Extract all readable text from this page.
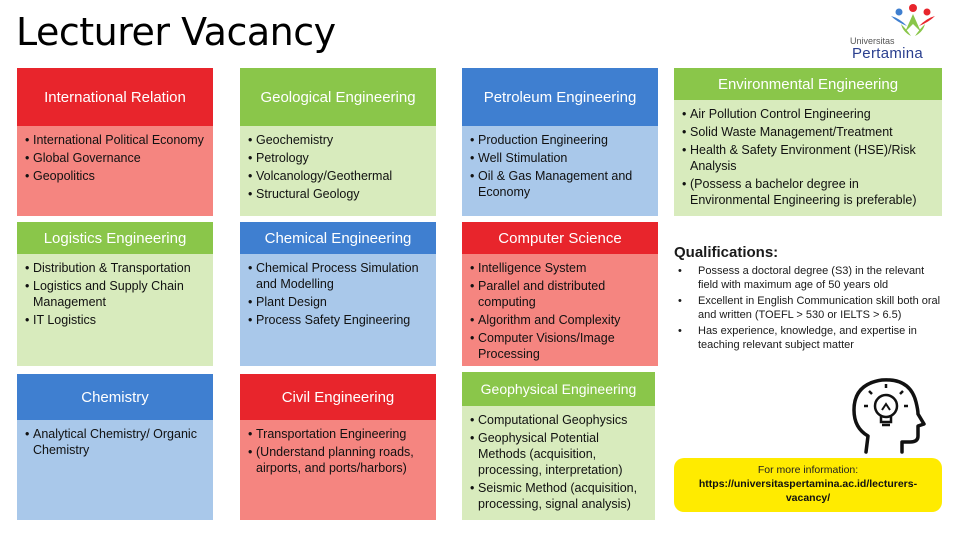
Lecturer Vacancy	Universitas
Pertamina
International Relation
• International Political Economy
• Global Governance
• Geopolitics
Geological Engineering
• Geochemistry
• Petrology
• Volcanology/Geothermal
• Structural Geology
Petroleum Engineering
• Production Engineering
• Well Stimulation
• Oil & Gas Management and Economy
Environmental Engineering
• Air Pollution Control Engineering
• Solid Waste Management/Treatment
• Health & Safety Environment (HSE)/Risk Analysis
• (Possess a bachelor degree in Environmental Engineering is preferable)
Logistics Engineering
• Distribution & Transportation
• Logistics and Supply Chain Management
• IT Logistics
Chemical Engineering
• Chemical Process Simulation and Modelling
• Plant Design
• Process Safety Engineering
Computer Science
• Intelligence System
• Parallel and distributed computing
• Algorithm and Complexity
• Computer Visions/Image Processing
Chemistry
• Analytical Chemistry/ Organic Chemistry
Civil Engineering
• Transportation Engineering
• (Understand planning roads, airports, and ports/harbors)
Geophysical Engineering
• Computational Geophysics
• Geophysical Potential Methods (acquisition, processing, interpretation)
• Seismic Method (acquisition, processing, signal analysis)
Qualifications:
• Possess a doctoral degree (S3) in the relevant field with maximum age of 50 years old
• Excellent in English Communication skill both oral and written (TOEFL > 530 or IELTS > 6.5)
• Has experience, knowledge, and expertise in teaching relevant subject matter
For more information:
https://universitaspertamina.ac.id/lecturers-vacancy/
